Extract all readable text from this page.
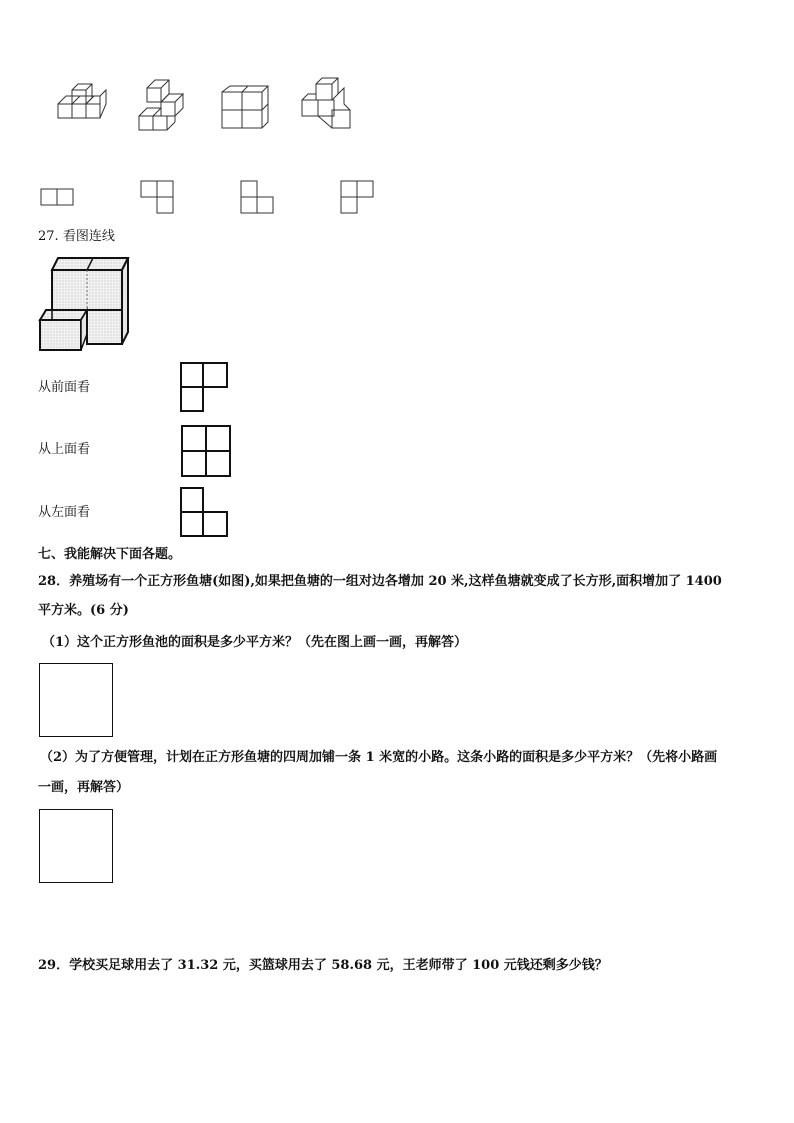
27. 看图连线
从前面看
从上面看
从左面看
七、我能解决下面各题。
28．养殖场有一个正方形鱼塘(如图),如果把鱼塘的一组对边各增加 20 米,这样鱼塘就变成了长方形,面积增加了 1400
平方米。(6 分)
（1）这个正方形鱼池的面积是多少平方米？（先在图上画一画，再解答）
（2）为了方便管理，计划在正方形鱼塘的四周加铺一条 1 米宽的小路。这条小路的面积是多少平方米？（先将小路画
一画，再解答）
29．学校买足球用去了 31.32 元，买篮球用去了 58.68 元，王老师带了 100 元钱还剩多少钱？
